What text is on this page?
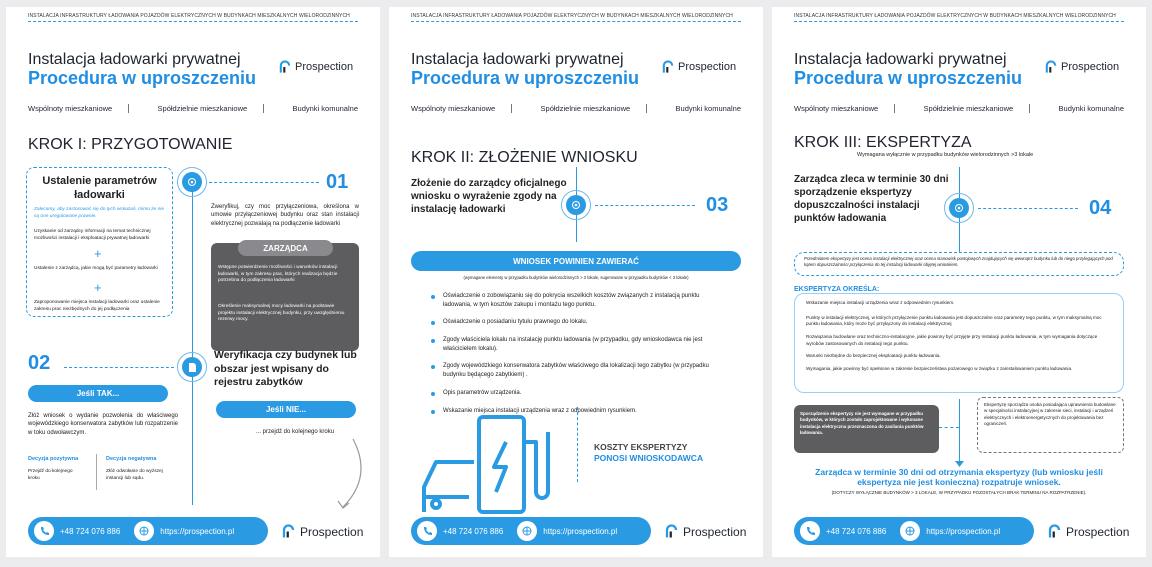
INSTALACJA INFRASTRUKTURY ŁADOWANIA POJAZDÓW ELEKTRYCZNYCH W BUDYNKACH MIESZKALNYCH WIELORODZINNYCH
Instalacja ładowarki prywatnej
Procedura w uproszczeniu
Prospection
Wspólnoty mieszkaniowe	Spółdzielnie mieszkaniowe	Budynki komunalne
KROK I: PRZYGOTOWANIE
01
Ustalenie parametrów ładowarki
Zalecamy, aby zastosować się do tych wskazań, mimo że nie są one uregulowane prawnie.
Uzyskanie od zarządcy informacji na temat technicznej możliwości instalacji i eksploatacji prywatnej ładowarki
+
Ustalenie z zarządcą, jakie mogą być parametry ładowarki
+
Zaproponowanie miejsca instalacji ładowarki oraz ustalenie zakresu prac niezbędnych do jej podłączenia
Zweryfikuj, czy moc przyłączeniowa, określona w umowie przyłączeniowej budynku oraz stan instalacji elektrycznej pozwalają na podłączenie ładowarki
ZARZĄDCA
Wstępne potwierdzenie możliwości i warunków instalacji ładowarki, w tym zakresu prac, których realizacja będzie potrzebna do podłączenia ładowarki
Określenie maksymalnej mocy ładowarki na podstawie projektu instalacji elektrycznej budynku, przy uwzględnieniu rezerwy mocy.
02	Weryfikacja czy budynek lub obszar jest wpisany do rejestru zabytków
Jeśli TAK...
Złóż wniosek o wydanie pozwolenia do właściwego wojewódzkiego konserwatora zabytków lub rozpatrzenie w toku odwoławczym.
Jeśli NIE...
... przejdź do kolejnego kroku
Decyzja pozytywna
Przejdź do kolejnego kroku
Decyzja negatywna
Złóż odwołanie do wyższej instancji lub sądu.
+48 724 076 886	https://prospection.pl	Prospection
INSTALACJA INFRASTRUKTURY ŁADOWANIA POJAZDÓW ELEKTRYCZNYCH W BUDYNKACH MIESZKALNYCH WIELORODZINNYCH
Instalacja ładowarki prywatnej
Procedura w uproszczeniu
Prospection
Wspólnoty mieszkaniowe	Spółdzielnie mieszkaniowe	Budynki komunalne
KROK II: ZŁOŻENIE WNIOSKU
Złożenie do zarządcy oficjalnego wniosku o wyrażenie zgody na instalację ładowarki	03
WNIOSEK POWINIEN ZAWIERAĆ
(wymagane elementy w przypadku budynków wielorodzinnych > 3 lokale, sugerowane w przypadku budynków < 3 lokale)
Oświadczenie o zobowiązaniu się do pokrycia wszelkich kosztów związanych z instalacją punktu ładowania, w tym kosztów zakupu i montażu tego punktu.
Oświadczenie o posiadaniu tytułu prawnego do lokalu.
Zgody właściciela lokalu na instalację punktu ładowania (w przypadku, gdy wnioskodawca nie jest właścicielem lokalu).
Zgody wojewódzkiego konserwatora zabytków właściwego dla lokalizacji tego zabytku (w przypadku budynku będącego zabytkiem) .
Opis parametrów urządzenia.
Wskazanie miejsca instalacji urządzenia wraz z odpowiednim rysunkiem.
KOSZTY EKSPERTYZY
PONOSI WNIOSKODAWCA
+48 724 076 886	https://prospection.pl	Prospection
INSTALACJA INFRASTRUKTURY ŁADOWANIA POJAZDÓW ELEKTRYCZNYCH W BUDYNKACH MIESZKALNYCH WIELORODZINNYCH
Instalacja ładowarki prywatnej
Procedura w uproszczeniu
Prospection
Wspólnoty mieszkaniowe	Spółdzielnie mieszkaniowe	Budynki komunalne
KROK III: EKSPERTYZA
Wymagana wyłącznie w przypadku budynków wielorodzinnych >3 lokale
Zarządca zleca w terminie 30 dni sporządzenie ekspertyzy dopuszczalności instalacji punktów ładowania	04
Przedmiotem ekspertyzy jest ocena instalacji elektrycznej oraz ocena stanowisk postojowych znajdujących się wewnątrz budynku lub do niego przylegających pod kątem dopuszczalności przyłączenia do tej instalacji ładowarki objętej wnioskiem.
EKSPERTYZA OKREŚLA:
Wskazanie miejsca instalacji urządzenia wraz z odpowiednim rysunkiem.
Punkty w instalacji elektrycznej, w których przyłączenie punktu ładowania jest dopuszczalne oraz parametry tego punktu, w tym maksymalną moc punktu ładowania, który może być przyłączony do instalacji elektrycznej
Rozwiązania budowlane oraz techniczno-instalacyjne, jakie powinny być przyjęte przy instalacji punktu ładowania, w tym wymagania dotyczące wyrobów zastosowanych do instalacji tego punktu.
Warunki niezbędne do bezpiecznej eksploatacji punktu ładowania.
Wymagania, jakie powinny być spełnione w zakresie bezpieczeństwa pożarowego w związku z zainstalowaniem punktu ładowania.
Sporządzenie ekspertyzy nie jest wymagane w przypadku budynków, w których zostało zaprojektowane i wykonane instalacja elektryczna przeznaczona do zasilania punktów ładowania.
Ekspertyzę sporządza osoba posiadająca uprawnienia budowlane w specjalności instalacyjnej w zakresie sieci, instalacji i urządzeń elektrycznych i elektroenergetycznych do projektowania bez ograniczeń.
Zarządca w terminie 30 dni od otrzymania ekspertyzy (lub wniosku jeśli ekspertyza nie jest konieczna) rozpatruje wniosek.
(DOTYCZY WYŁĄCZNIE BUDYNKÓW > 3 LOKALE, W PRZYPADKU POZOSTAŁYCH BRAK TERMINU NA ROZPATRZENIE).
+48 724 076 886	https://prospection.pl	Prospection
